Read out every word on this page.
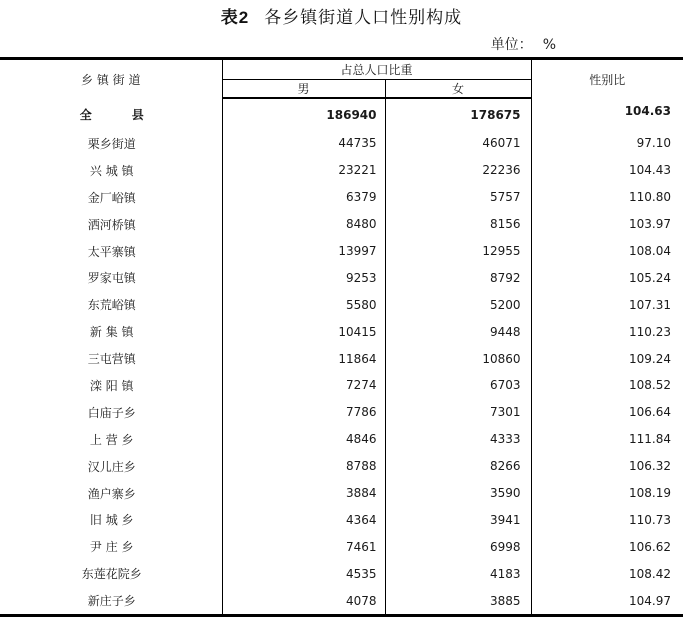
表2 各乡镇街道人口性别构成
单位： %
乡 镇 街 道	占总人口比重		性别比
	男	女	
全 县	186940	178675	104.63
栗乡街道	44735	46071	97.10
兴 城 镇	23221	22236	104.43
金厂峪镇	6379	5757	110.80
洒河桥镇	8480	8156	103.97
太平寨镇	13997	12955	108.04
罗家屯镇	9253	8792	105.24
东荒峪镇	5580	5200	107.31
新 集 镇	10415	9448	110.23
三屯营镇	11864	10860	109.24
滦 阳 镇	7274	6703	108.52
白庙子乡	7786	7301	106.64
上 营 乡	4846	4333	111.84
汉儿庄乡	8788	8266	106.32
渔户寨乡	3884	3590	108.19
旧 城 乡	4364	3941	110.73
尹 庄 乡	7461	6998	106.62
东莲花院乡	4535	4183	108.42
新庄子乡	4078	3885	104.97
